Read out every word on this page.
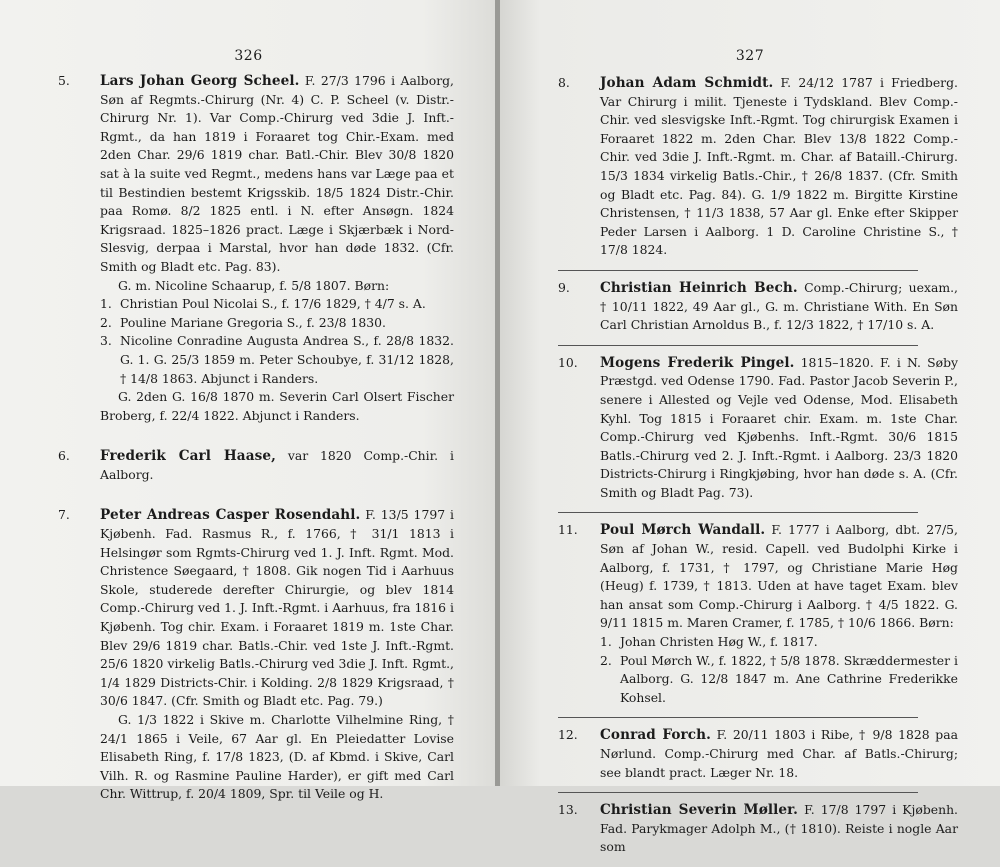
326
5.	Lars Johan Georg Scheel. F. 27/3 1796 i Aalborg, Søn af Regmts.-Chirurg (Nr. 4) C. P. Scheel (v. Distr.-Chirurg Nr. 1). Var Comp.-Chirurg ved 3die J. Inft.-Rgmt., da han 1819 i Foraaret tog Chir.-Exam. med 2den Char. 29/6 1819 char. Batl.-Chir. Blev 30/8 1820 sat à la suite ved Regmt., medens hans var Læge paa et til Bestindien bestemt Krigsskib. 18/5 1824 Distr.-Chir. paa Romø. 8/2 1825 entl. i N. efter Ansøgn. 1824 Krigsraad. 1825–1826 pract. Læge i Skjærbæk i Nord-Slesvig, derpaa i Marstal, hvor han døde 1832. (Cfr. Smith og Bladt etc. Pag. 83).

G. m. Nicoline Schaarup, f. 5/8 1807. Børn:

1. Christian Poul Nicolai S., f. 17/6 1829, † 4/7 s. A.
2. Pouline Mariane Gregoria S., f. 23/8 1830.
3. Nicoline Conradine Augusta Andrea S., f. 28/8 1832. G. 1. G. 25/3 1859 m. Peter Schoubye, f. 31/12 1828, † 14/8 1863. Abjunct i Randers.

G. 2den G. 16/8 1870 m. Severin Carl Olsert Fischer Broberg, f. 22/4 1822. Abjunct i Randers.

6.	Frederik Carl Haase, var 1820 Comp.-Chir. i Aalborg.

7.	Peter Andreas Casper Rosendahl. F. 13/5 1797 i Kjøbenh. Fad. Rasmus R., f. 1766, † 31/1 1813 i Helsingør som Rgmts-Chirurg ved 1. J. Inft. Rgmt. Mod. Christence Søegaard, † 1808. Gik nogen Tid i Aarhuus Skole, studerede derefter Chirurgie, og blev 1814 Comp.-Chirurg ved 1. J. Inft.-Rgmt. i Aarhuus, fra 1816 i Kjøbenh. Tog chir. Exam. i Foraaret 1819 m. 1ste Char. Blev 29/6 1819 char. Batls.-Chir. ved 1ste J. Inft.-Rgmt. 25/6 1820 virkelig Batls.-Chirurg ved 3die J. Inft. Rgmt., 1/4 1829 Districts-Chir. i Kolding. 2/8 1829 Krigsraad, † 30/6 1847. (Cfr. Smith og Bladt etc. Pag. 79.)

G. 1/3 1822 i Skive m. Charlotte Vilhelmine Ring, † 24/1 1865 i Veile, 67 Aar gl. En Pleiedatter Lovise Elisabeth Ring, f. 17/8 1823, (D. af Kbmd. i Skive, Carl Vilh. R. og Rasmine Pauline Harder), er gift med Carl Chr. Wittrup, f. 20/4 1809, Spr. til Veile og H.

327
8.	Johan Adam Schmidt. F. 24/12 1787 i Friedberg. Var Chirurg i milit. Tjeneste i Tydskland. Blev Comp.-Chir. ved slesvigske Inft.-Rgmt. Tog chirurgisk Examen i Foraaret 1822 m. 2den Char. Blev 13/8 1822 Comp.-Chir. ved 3die J. Inft.-Rgmt. m. Char. af Bataill.-Chirurg. 15/3 1834 virkelig Batls.-Chir., † 26/8 1837. (Cfr. Smith og Bladt etc. Pag. 84). G. 1/9 1822 m. Birgitte Kirstine Christensen, † 11/3 1838, 57 Aar gl. Enke efter Skipper Peder Larsen i Aalborg. 1 D. Caroline Christine S., † 17/8 1824.

9.	Christian Heinrich Bech. Comp.-Chirurg; uexam., † 10/11 1822, 49 Aar gl., G. m. Christiane With. En Søn Carl Christian Arnoldus B., f. 12/3 1822, † 17/10 s. A.

10.	Mogens Frederik Pingel. 1815–1820. F. i N. Søby Præstgd. ved Odense 1790. Fad. Pastor Jacob Severin P., senere i Allested og Vejle ved Odense, Mod. Elisabeth Kyhl. Tog 1815 i Foraaret chir. Exam. m. 1ste Char. Comp.-Chirurg ved Kjøbenhs. Inft.-Rgmt. 30/6 1815 Batls.-Chirurg ved 2. J. Inft.-Rgmt. i Aalborg. 23/3 1820 Districts-Chirurg i Ringkjøbing, hvor han døde s. A. (Cfr. Smith og Bladt Pag. 73).

11.	Poul Mørch Wandall. F. 1777 i Aalborg, dbt. 27/5, Søn af Johan W., resid. Capell. ved Budolphi Kirke i Aalborg, f. 1731, † 1797, og Christiane Marie Høg (Heug) f. 1739, † 1813. Uden at have taget Exam. blev han ansat som Comp.-Chirurg i Aalborg. † 4/5 1822. G. 9/11 1815 m. Maren Cramer, f. 1785, † 10/6 1866. Børn:

1. Johan Christen Høg W., f. 1817.
2. Poul Mørch W., f. 1822, † 5/8 1878. Skræddermester i Aalborg. G. 12/8 1847 m. Ane Cathrine Frederikke Kohsel.
12.	Conrad Forch. F. 20/11 1803 i Ribe, † 9/8 1828 paa Nørlund. Comp.-Chirurg med Char. af Batls.-Chirurg; see blandt pract. Læger Nr. 18.

13.	Christian Severin Møller. F. 17/8 1797 i Kjøbenh. Fad. Parykmager Adolph M., († 1810). Reiste i nogle Aar som
